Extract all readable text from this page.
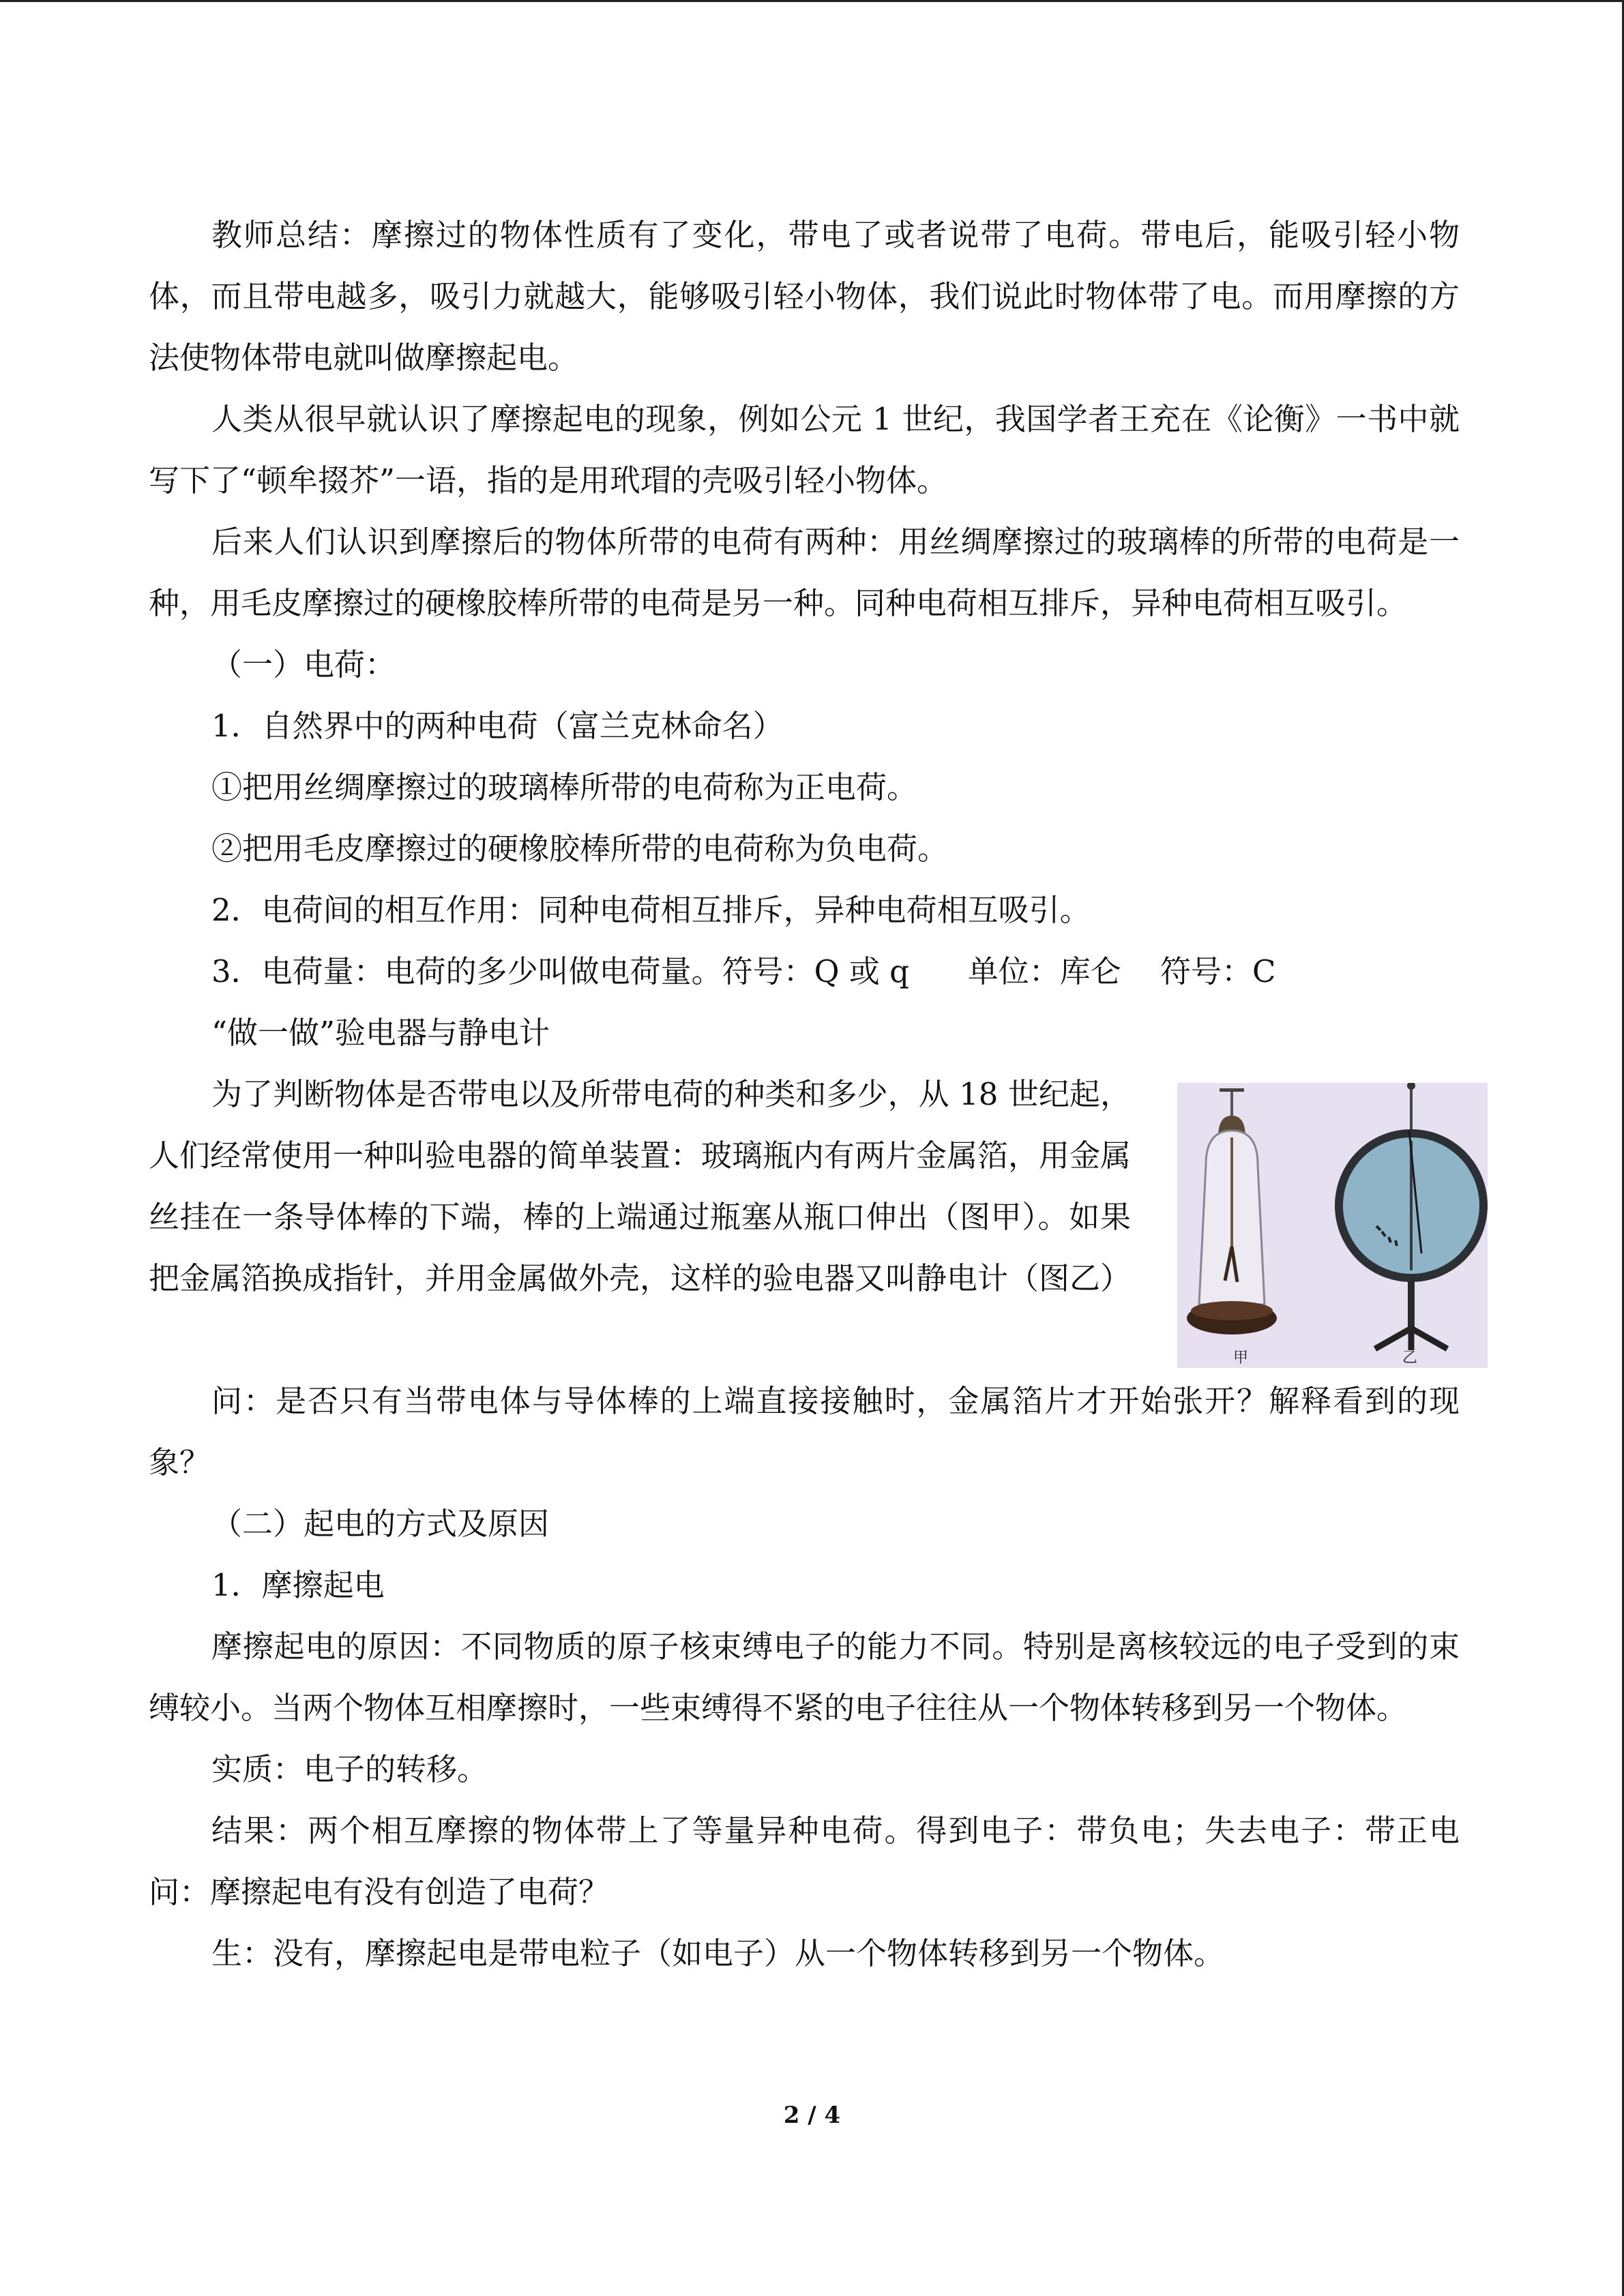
教师总结：摩擦过的物体性质有了变化，带电了或者说带了电荷。带电后，能吸引轻小物体，而且带电越多，吸引力就越大，能够吸引轻小物体，我们说此时物体带了电。而用摩擦的方法使物体带电就叫做摩擦起电。

人类从很早就认识了摩擦起电的现象，例如公元 1 世纪，我国学者王充在《论衡》一书中就写下了“顿牟掇芥”一语，指的是用玳瑁的壳吸引轻小物体。

后来人们认识到摩擦后的物体所带的电荷有两种：用丝绸摩擦过的玻璃棒的所带的电荷是一种，用毛皮摩擦过的硬橡胶棒所带的电荷是另一种。同种电荷相互排斥，异种电荷相互吸引。

（一）电荷：

1．自然界中的两种电荷（富兰克林命名）

①把用丝绸摩擦过的玻璃棒所带的电荷称为正电荷。

②把用毛皮摩擦过的硬橡胶棒所带的电荷称为负电荷。

2．电荷间的相互作用：同种电荷相互排斥，异种电荷相互吸引。

3．电荷量：电荷的多少叫做电荷量。符号：Q 或 q      单位：库仑    符号：C

“做一做”验电器与静电计

为了判断物体是否带电以及所带电荷的种类和多少，从 18 世纪起，人们经常使用一种叫验电器的简单装置：玻璃瓶内有两片金属箔，用金属丝挂在一条导体棒的下端，棒的上端通过瓶塞从瓶口伸出（图甲）。如果把金属箔换成指针，并用金属做外壳，这样的验电器又叫静电计（图乙）

甲	乙

问：是否只有当带电体与导体棒的上端直接接触时，金属箔片才开始张开？解释看到的现象？

（二）起电的方式及原因

1．摩擦起电

摩擦起电的原因：不同物质的原子核束缚电子的能力不同。特别是离核较远的电子受到的束缚较小。当两个物体互相摩擦时，一些束缚得不紧的电子往往从一个物体转移到另一个物体。

实质：电子的转移。

结果：两个相互摩擦的物体带上了等量异种电荷。得到电子：带负电；失去电子：带正电问：摩擦起电有没有创造了电荷？

生：没有，摩擦起电是带电粒子（如电子）从一个物体转移到另一个物体。

2 / 4
